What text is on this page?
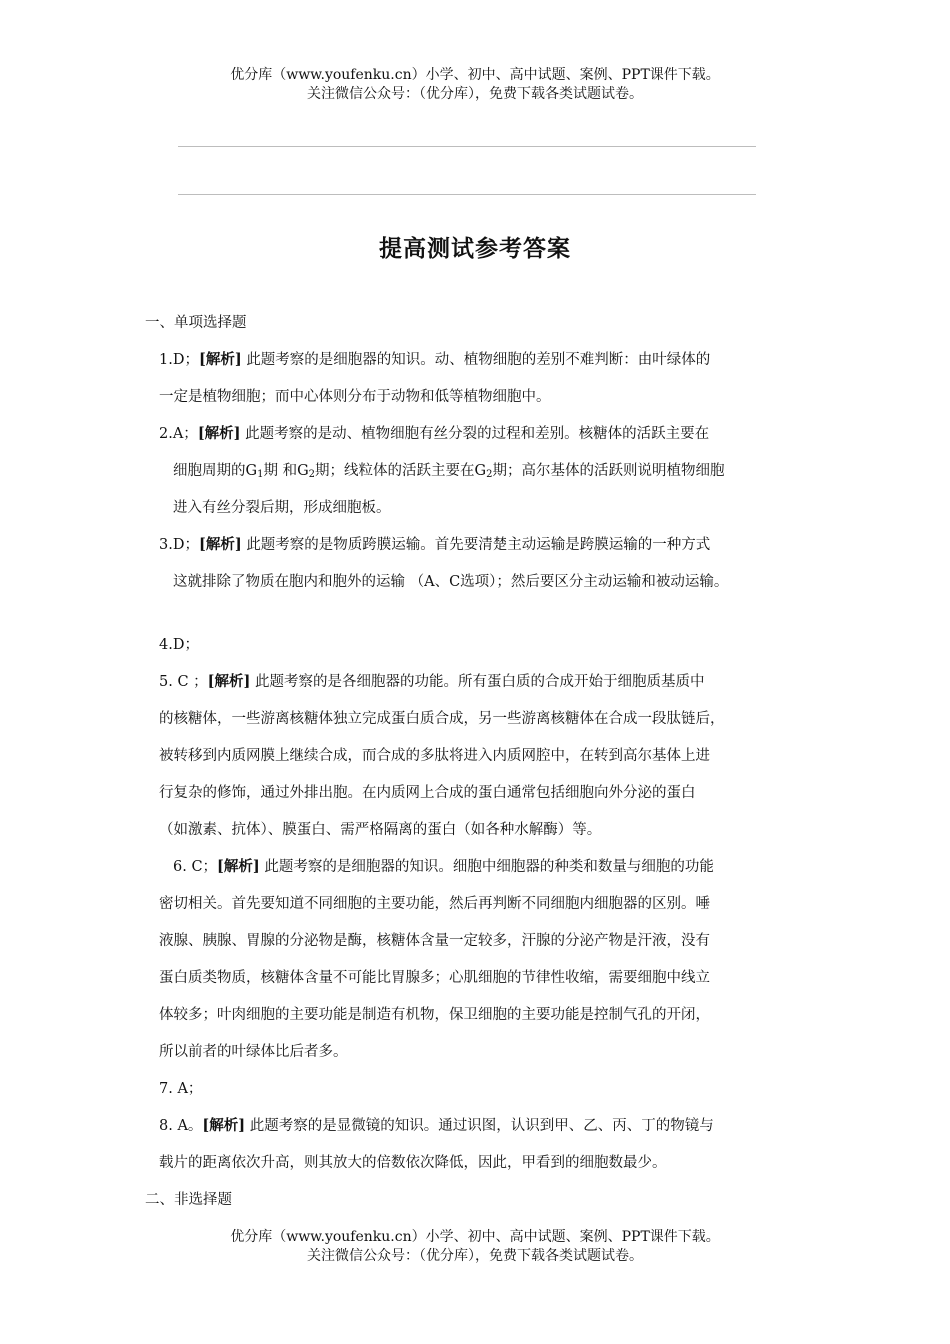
优分库（www.youfenku.cn）小学、初中、高中试题、案例、PPT课件下载。
关注微信公众号：（优分库），免费下载各类试题试卷。
提高测试参考答案
一、单项选择题
1.D；[解析] 此题考察的是细胞器的知识。动、植物细胞的差别不难判断：由叶绿体的
一定是植物细胞；而中心体则分布于动物和低等植物细胞中。
2.A；[解析] 此题考察的是动、植物细胞有丝分裂的过程和差别。核糖体的活跃主要在
细胞周期的$G_1$期 和$G_2$期；线粒体的活跃主要在$G_2$期；高尔基体的活跃则说明植物细胞
进入有丝分裂后期，形成细胞板。
3.D；[解析] 此题考察的是物质跨膜运输。首先要清楚主动运输是跨膜运输的一种方式
这就排除了物质在胞内和胞外的运输 （A、C选项）；然后要区分主动运输和被动运输。
4.D；
5. C ；[解析] 此题考察的是各细胞器的功能。所有蛋白质的合成开始于细胞质基质中
的核糖体，一些游离核糖体独立完成蛋白质合成，另一些游离核糖体在合成一段肽链后，
被转移到内质网膜上继续合成，而合成的多肽将进入内质网腔中，在转到高尔基体上进
行复杂的修饰，通过外排出胞。在内质网上合成的蛋白通常包括细胞向外分泌的蛋白
（如激素、抗体）、膜蛋白、需严格隔离的蛋白（如各种水解酶）等。
6. C；[解析] 此题考察的是细胞器的知识。细胞中细胞器的种类和数量与细胞的功能
密切相关。首先要知道不同细胞的主要功能，然后再判断不同细胞内细胞器的区别。唾
液腺、胰腺、胃腺的分泌物是酶，核糖体含量一定较多，汗腺的分泌产物是汗液，没有
蛋白质类物质，核糖体含量不可能比胃腺多；心肌细胞的节律性收缩，需要细胞中线立
体较多；叶肉细胞的主要功能是制造有机物，保卫细胞的主要功能是控制气孔的开闭，
所以前者的叶绿体比后者多。
7. A；
8. A。[解析] 此题考察的是显微镜的知识。通过识图，认识到甲、乙、丙、丁的物镜与
载片的距离依次升高，则其放大的倍数依次降低，因此，甲看到的细胞数最少。
二、非选择题
优分库（www.youfenku.cn）小学、初中、高中试题、案例、PPT课件下载。
关注微信公众号：（优分库），免费下载各类试题试卷。
